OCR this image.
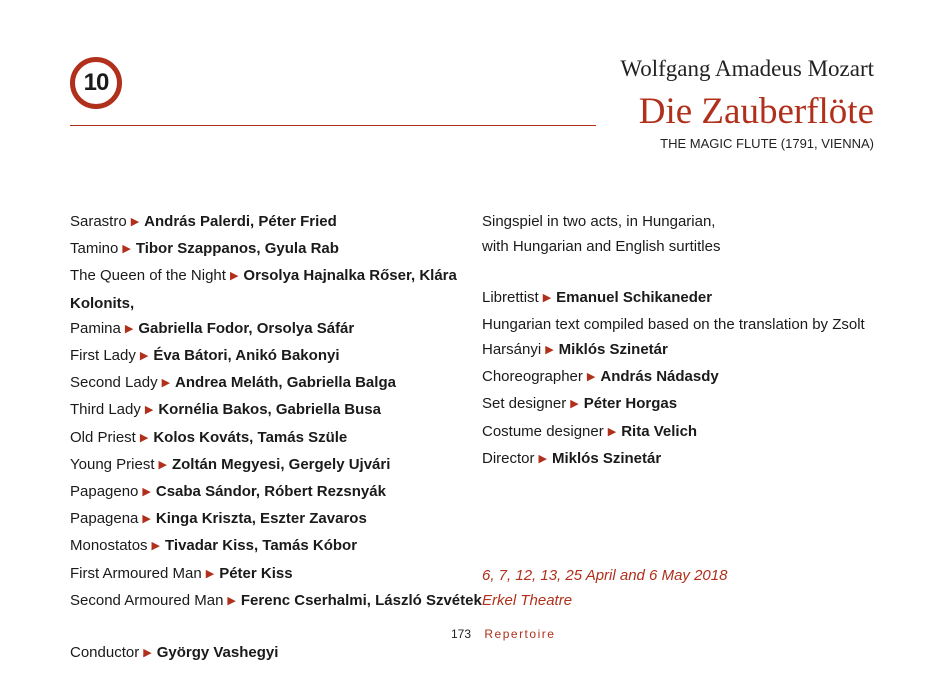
10
Wolfgang Amadeus Mozart
Die Zauberflöte
THE MAGIC FLUTE (1791, VIENNA)
Sarastro ▶ András Palerdi, Péter Fried
Tamino ▶ Tibor Szappanos, Gyula Rab
The Queen of the Night ▶ Orsolya Hajnalka Rőser, Klára
Kolonits,
Pamina ▶ Gabriella Fodor, Orsolya Sáfár
First Lady ▶ Éva Bátori, Anikó Bakonyi
Second Lady ▶ Andrea Meláth, Gabriella Balga
Third Lady ▶ Kornélia Bakos, Gabriella Busa
Old Priest ▶ Kolos Kováts, Tamás Szüle
Young Priest ▶ Zoltán Megyesi, Gergely Ujvári
Papageno ▶ Csaba Sándor, Róbert Rezsnyák
Papagena ▶ Kinga Kriszta, Eszter Zavaros
Monostatos ▶ Tivadar Kiss, Tamás Kóbor
First Armoured Man ▶ Péter Kiss
Second Armoured Man ▶ Ferenc Cserhalmi, László Szvétek
Conductor ▶ György Vashegyi
Singspiel in two acts, in Hungarian,
with Hungarian and English surtitles
Librettist ▶ Emanuel Schikaneder
Hungarian text compiled based on the translation by Zsolt
Harsányi ▶ Miklós Szinetár
Choreographer ▶ András Nádasdy
Set designer ▶ Péter Horgas
Costume designer ▶ Rita Velich
Director ▶ Miklós Szinetár
6, 7, 12, 13, 25 April and 6 May 2018
Erkel Theatre
173 Repertoire
